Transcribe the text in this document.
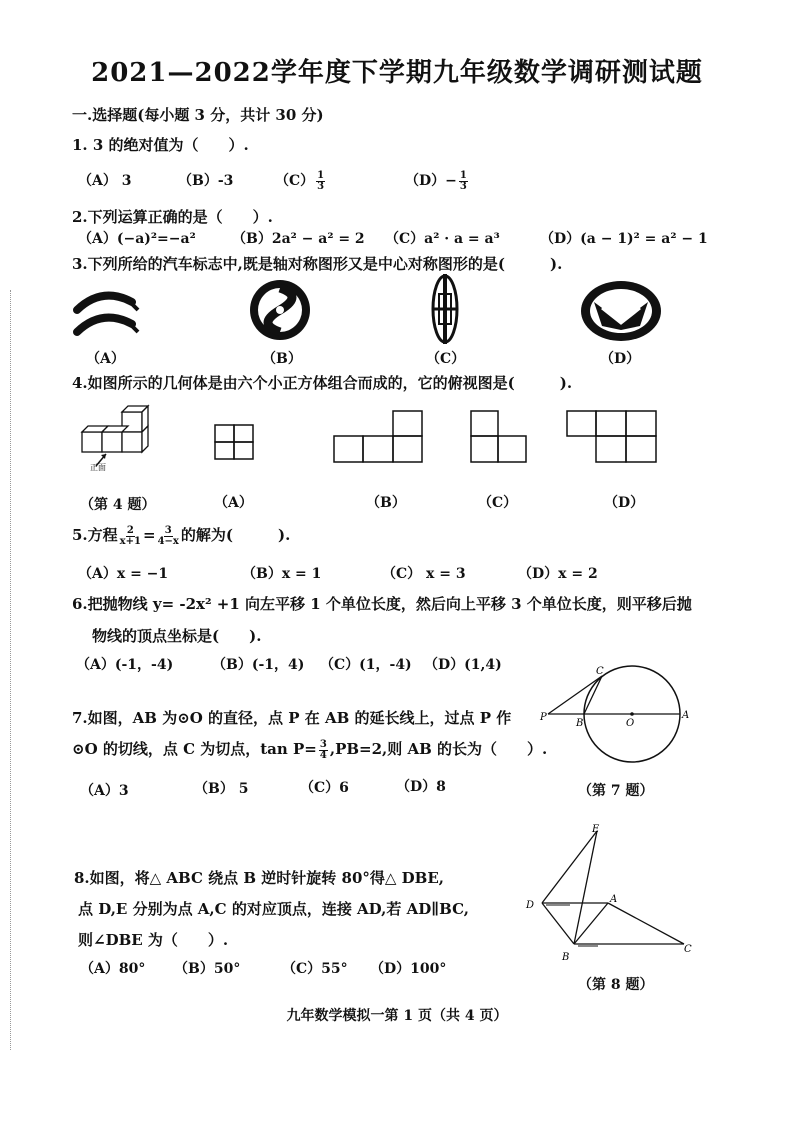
2021—2022学年度下学期九年级数学调研测试题
一.选择题(每小题 3 分，共计 30 分)
1. 3 的绝对值为（　　）.
（A） 3	（B）-3	$(C) \frac{1}{3}$	$(D)- \frac{1}{3}$
2.下列运算正确的是（　　）.
（A）(−a)²=−a²	（B）2a² − a² = 2 （C）a² · a = a³	（D）(a − 1)² = a² − 1
3.下列所给的汽车标志中,既是轴对称图形又是中心对称图形的是(　　　).
（A）	（B）	（C）	（D）
4.如图所示的几何体是由六个小正方体组合而成的，它的俯视图是(　　　).
正面
（第 4 题）	（A）	（B）	（C）	（D）
5.方程 $\frac{2}{x+1} = \frac{3}{4-x}$ 的解为(　　　).
（A）x = −1	（B）x = 1	（C） x = 3	（D）x = 2
6.把抛物线 y= -2x² +1 向左平移 1 个单位长度，然后向上平移 3 个单位长度，则平移后抛
物线的顶点坐标是(　　).
（A）(-1，-4)	（B）(-1，4) （C）(1，-4) （D）(1,4)
7.如图，AB 为⊙O 的直径，点 P 在 AB 的延长线上，过点 P 作
⊙O 的切线，点 C 为切点，$\tan P= \frac{3}{4} ,PB=2$,则 AB 的长为（　　）.
（A）3	（B） 5	（C）6	（D）8
P
B	O
A
C
（第 7 题）
8.如图，将△ ABC 绕点 B 逆时针旋转 80°得△ DBE,
点 D,E 分别为点 A,C 的对应顶点，连接 AD,若 AD∥BC,
则∠DBE 为（　　）.
（A）80° （B）50°	（C）55° （D）100°
E
D
A
B
C
（第 8 题）
九年数学模拟一第 1 页（共 4 页）
